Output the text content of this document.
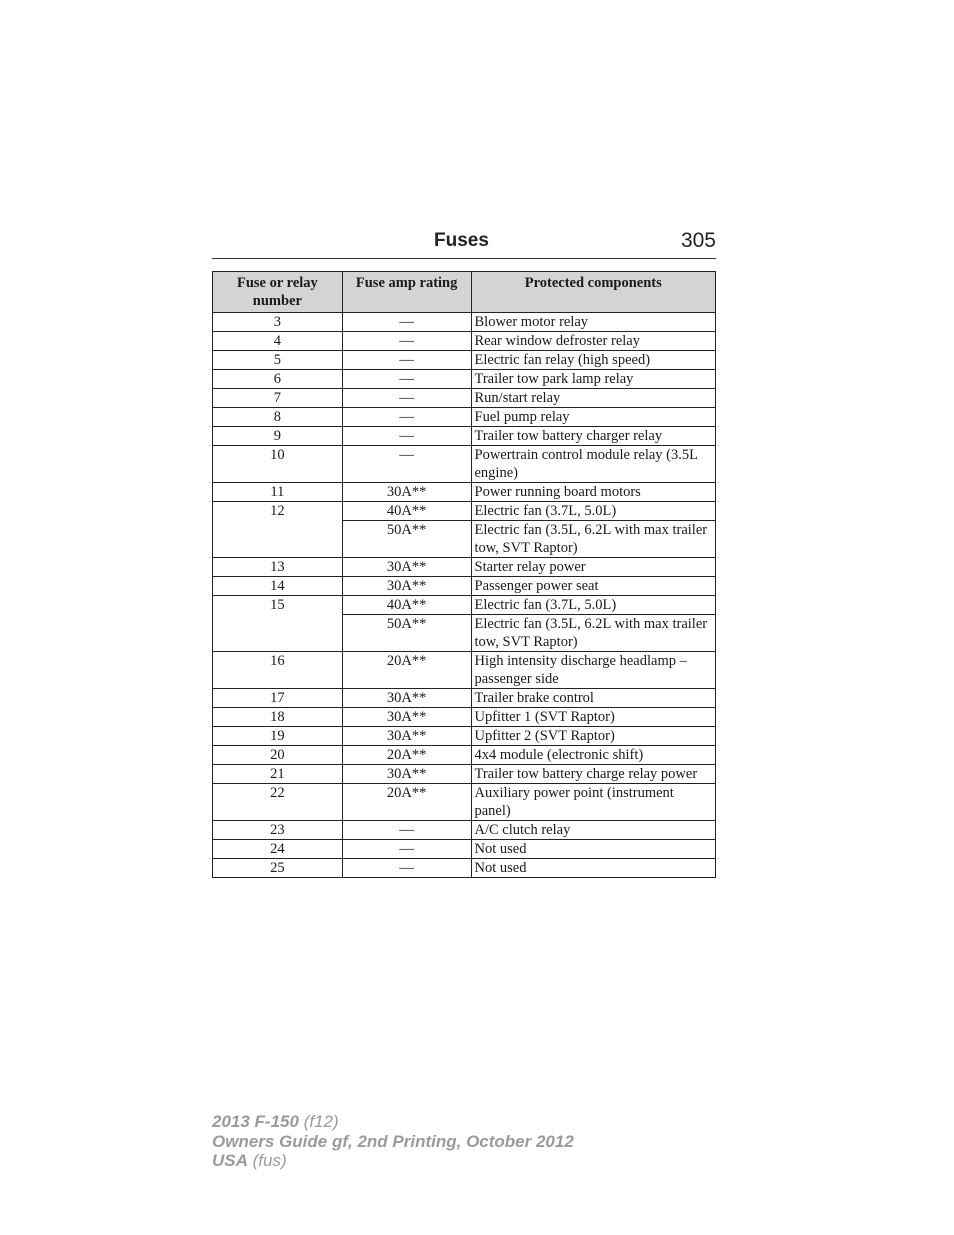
Fuses	305
Fuse or relay number	Fuse amp rating	Protected components
3	—	Blower motor relay
4	—	Rear window defroster relay
5	—	Electric fan relay (high speed)
6	—	Trailer tow park lamp relay
7	—	Run/start relay
8	—	Fuel pump relay
9	—	Trailer tow battery charger relay
10	—	Powertrain control module relay (3.5L engine)
11	30A**	Power running board motors
12	40A**	Electric fan (3.7L, 5.0L)
	50A**	Electric fan (3.5L, 6.2L with max trailer tow, SVT Raptor)
13	30A**	Starter relay power
14	30A**	Passenger power seat
15	40A**	Electric fan (3.7L, 5.0L)
	50A**	Electric fan (3.5L, 6.2L with max trailer tow, SVT Raptor)
16	20A**	High intensity discharge headlamp – passenger side
17	30A**	Trailer brake control
18	30A**	Upfitter 1 (SVT Raptor)
19	30A**	Upfitter 2 (SVT Raptor)
20	20A**	4x4 module (electronic shift)
21	30A**	Trailer tow battery charge relay power
22	20A**	Auxiliary power point (instrument panel)
23	—	A/C clutch relay
24	—	Not used
25	—	Not used
2013 F-150 (f12)
Owners Guide gf, 2nd Printing, October 2012
USA (fus)
